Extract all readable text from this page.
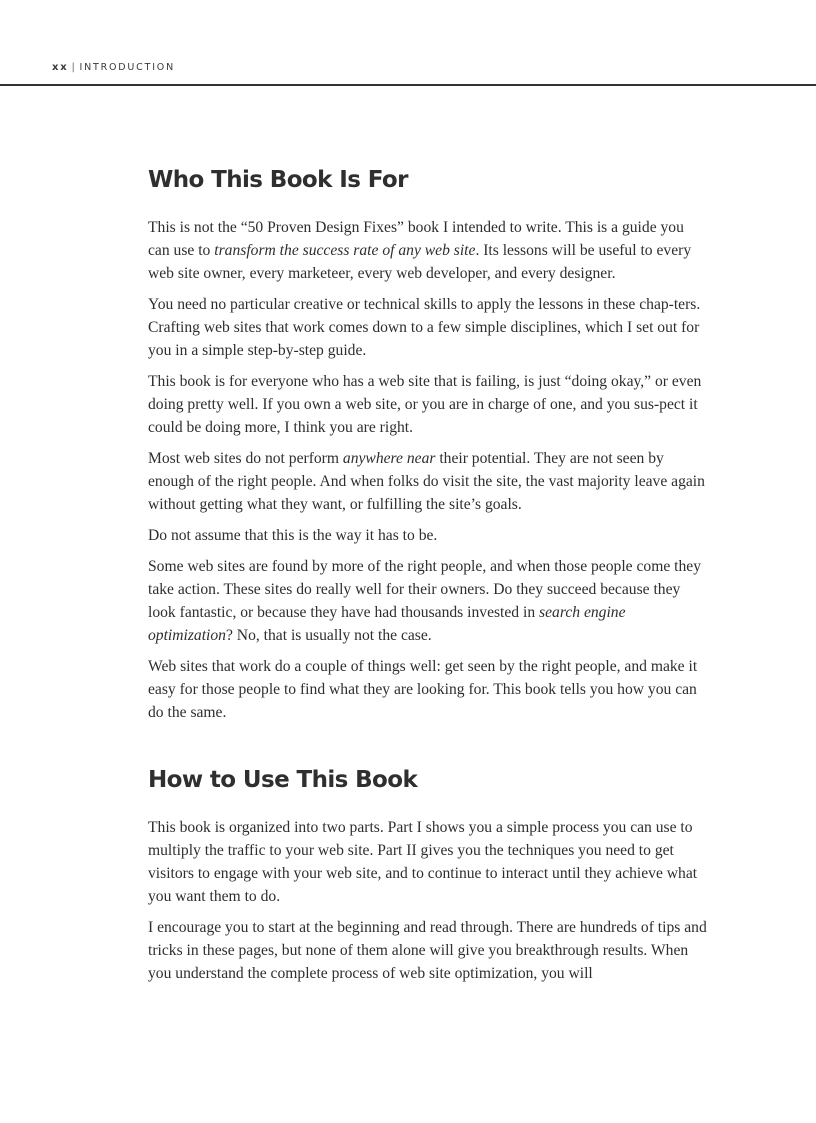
xx | INTRODUCTION
Who This Book Is For

This is not the “50 Proven Design Fixes” book I intended to write. This is a guide you can use to transform the success rate of any web site. Its lessons will be useful to every web site owner, every marketeer, every web developer, and every designer.

You need no particular creative or technical skills to apply the lessons in these chap-ters. Crafting web sites that work comes down to a few simple disciplines, which I set out for you in a simple step-by-step guide.

This book is for everyone who has a web site that is failing, is just “doing okay,” or even doing pretty well. If you own a web site, or you are in charge of one, and you sus-pect it could be doing more, I think you are right.

Most web sites do not perform anywhere near their potential. They are not seen by enough of the right people. And when folks do visit the site, the vast majority leave again without getting what they want, or fulfilling the site’s goals.

Do not assume that this is the way it has to be.

Some web sites are found by more of the right people, and when those people come they take action. These sites do really well for their owners. Do they succeed because they look fantastic, or because they have had thousands invested in search engine optimization? No, that is usually not the case.

Web sites that work do a couple of things well: get seen by the right people, and make it easy for those people to find what they are looking for. This book tells you how you can do the same.

How to Use This Book

This book is organized into two parts. Part I shows you a simple process you can use to multiply the traffic to your web site. Part II gives you the techniques you need to get visitors to engage with your web site, and to continue to interact until they achieve what you want them to do.

I encourage you to start at the beginning and read through. There are hundreds of tips and tricks in these pages, but none of them alone will give you breakthrough results. When you understand the complete process of web site optimization, you will
